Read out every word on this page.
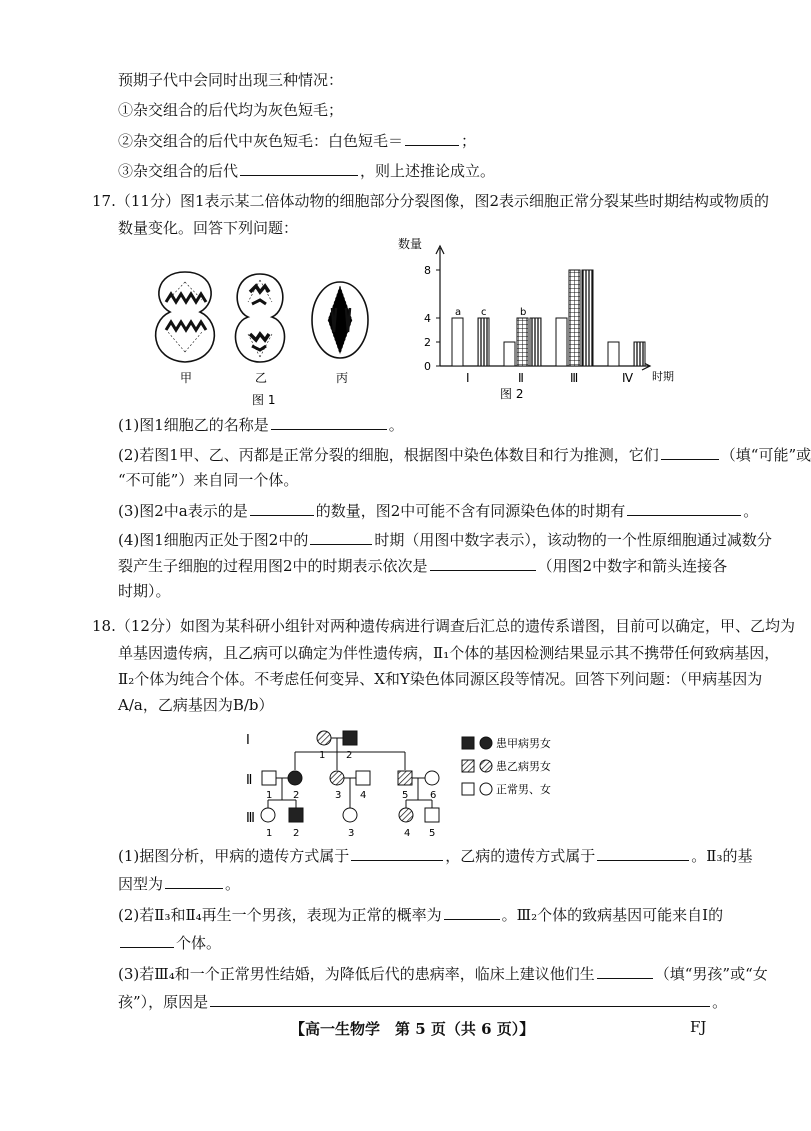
预期子代中会同时出现三种情况：
①杂交组合的后代均为灰色短毛；
②杂交组合的后代中灰色短毛：白色短毛＝	；
③杂交组合的后代	，则上述推论成立。
17.（11分）图1表示某二倍体动物的细胞部分分裂图像，图2表示细胞正常分裂某些时期结构或物质的
数量变化。回答下列问题：
甲	乙	丙
图 1
数量
时期
0
2
4
8
Ⅰ	Ⅱ	Ⅲ	Ⅳ
a c	b
图 2
(1)图1细胞乙的名称是	。
(2)若图1甲、乙、丙都是正常分裂的细胞，根据图中染色体数目和行为推测，它们	（填“可能”或
“不可能”）来自同一个体。
(3)图2中a表示的是	的数量，图2中可能不含有同源染色体的时期有	。
(4)图1细胞丙正处于图2中的	时期（用图中数字表示），该动物的一个性原细胞通过减数分
裂产生子细胞的过程用图2中的时期表示依次是	（用图2中数字和箭头连接各
时期）。
18.（12分）如图为某科研小组针对两种遗传病进行调查后汇总的遗传系谱图，目前可以确定，甲、乙均为
单基因遗传病，且乙病可以确定为伴性遗传病，Ⅱ₁个体的基因检测结果显示其不携带任何致病基因，
Ⅱ₂个体为纯合个体。不考虑任何变异、X和Y染色体同源区段等情况。回答下列问题：（甲病基因为
A/a，乙病基因为B/b）
Ⅰ
Ⅱ
Ⅲ
1 2
1 2	3 4	5 6
1 2	3	4 5
患甲病男女
患乙病男女
正常男、女
(1)据图分析，甲病的遗传方式属于	，乙病的遗传方式属于	。Ⅱ₃的基
因型为	。
(2)若Ⅱ₃和Ⅱ₄再生一个男孩，表现为正常的概率为	。Ⅲ₂个体的致病基因可能来自Ⅰ的
个体。
(3)若Ⅲ₄和一个正常男性结婚，为降低后代的患病率，临床上建议他们生	（填“男孩”或“女
孩”），原因是	。
【高一生物学　第 5 页（共 6 页）】	FJ
